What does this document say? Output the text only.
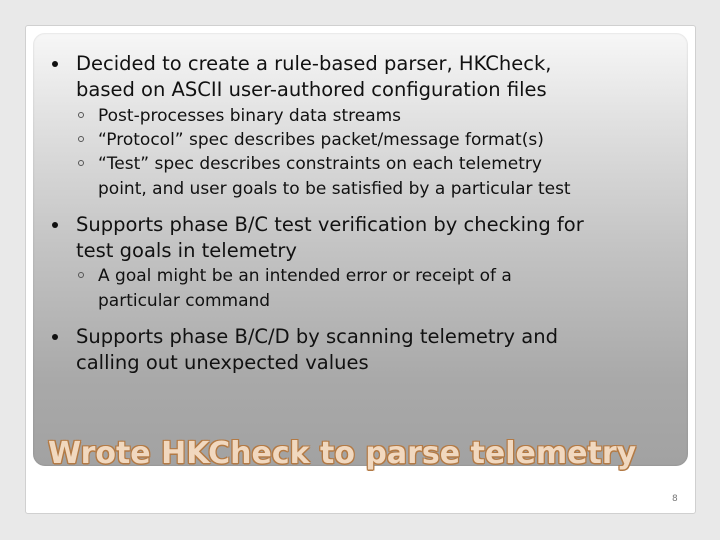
Decided to create a rule-based parser, HKCheck,
based on ASCII user-authored configuration files
Post-processes binary data streams
“Protocol” spec describes packet/message format(s)
“Test” spec describes constraints on each telemetry
point, and user goals to be satisfied by a particular test
Supports phase B/C test verification by checking for
test goals in telemetry
A goal might be an intended error or receipt of a
particular command
Supports phase B/C/D by scanning telemetry and
calling out unexpected values
Wrote HKCheck to parse telemetry
8
